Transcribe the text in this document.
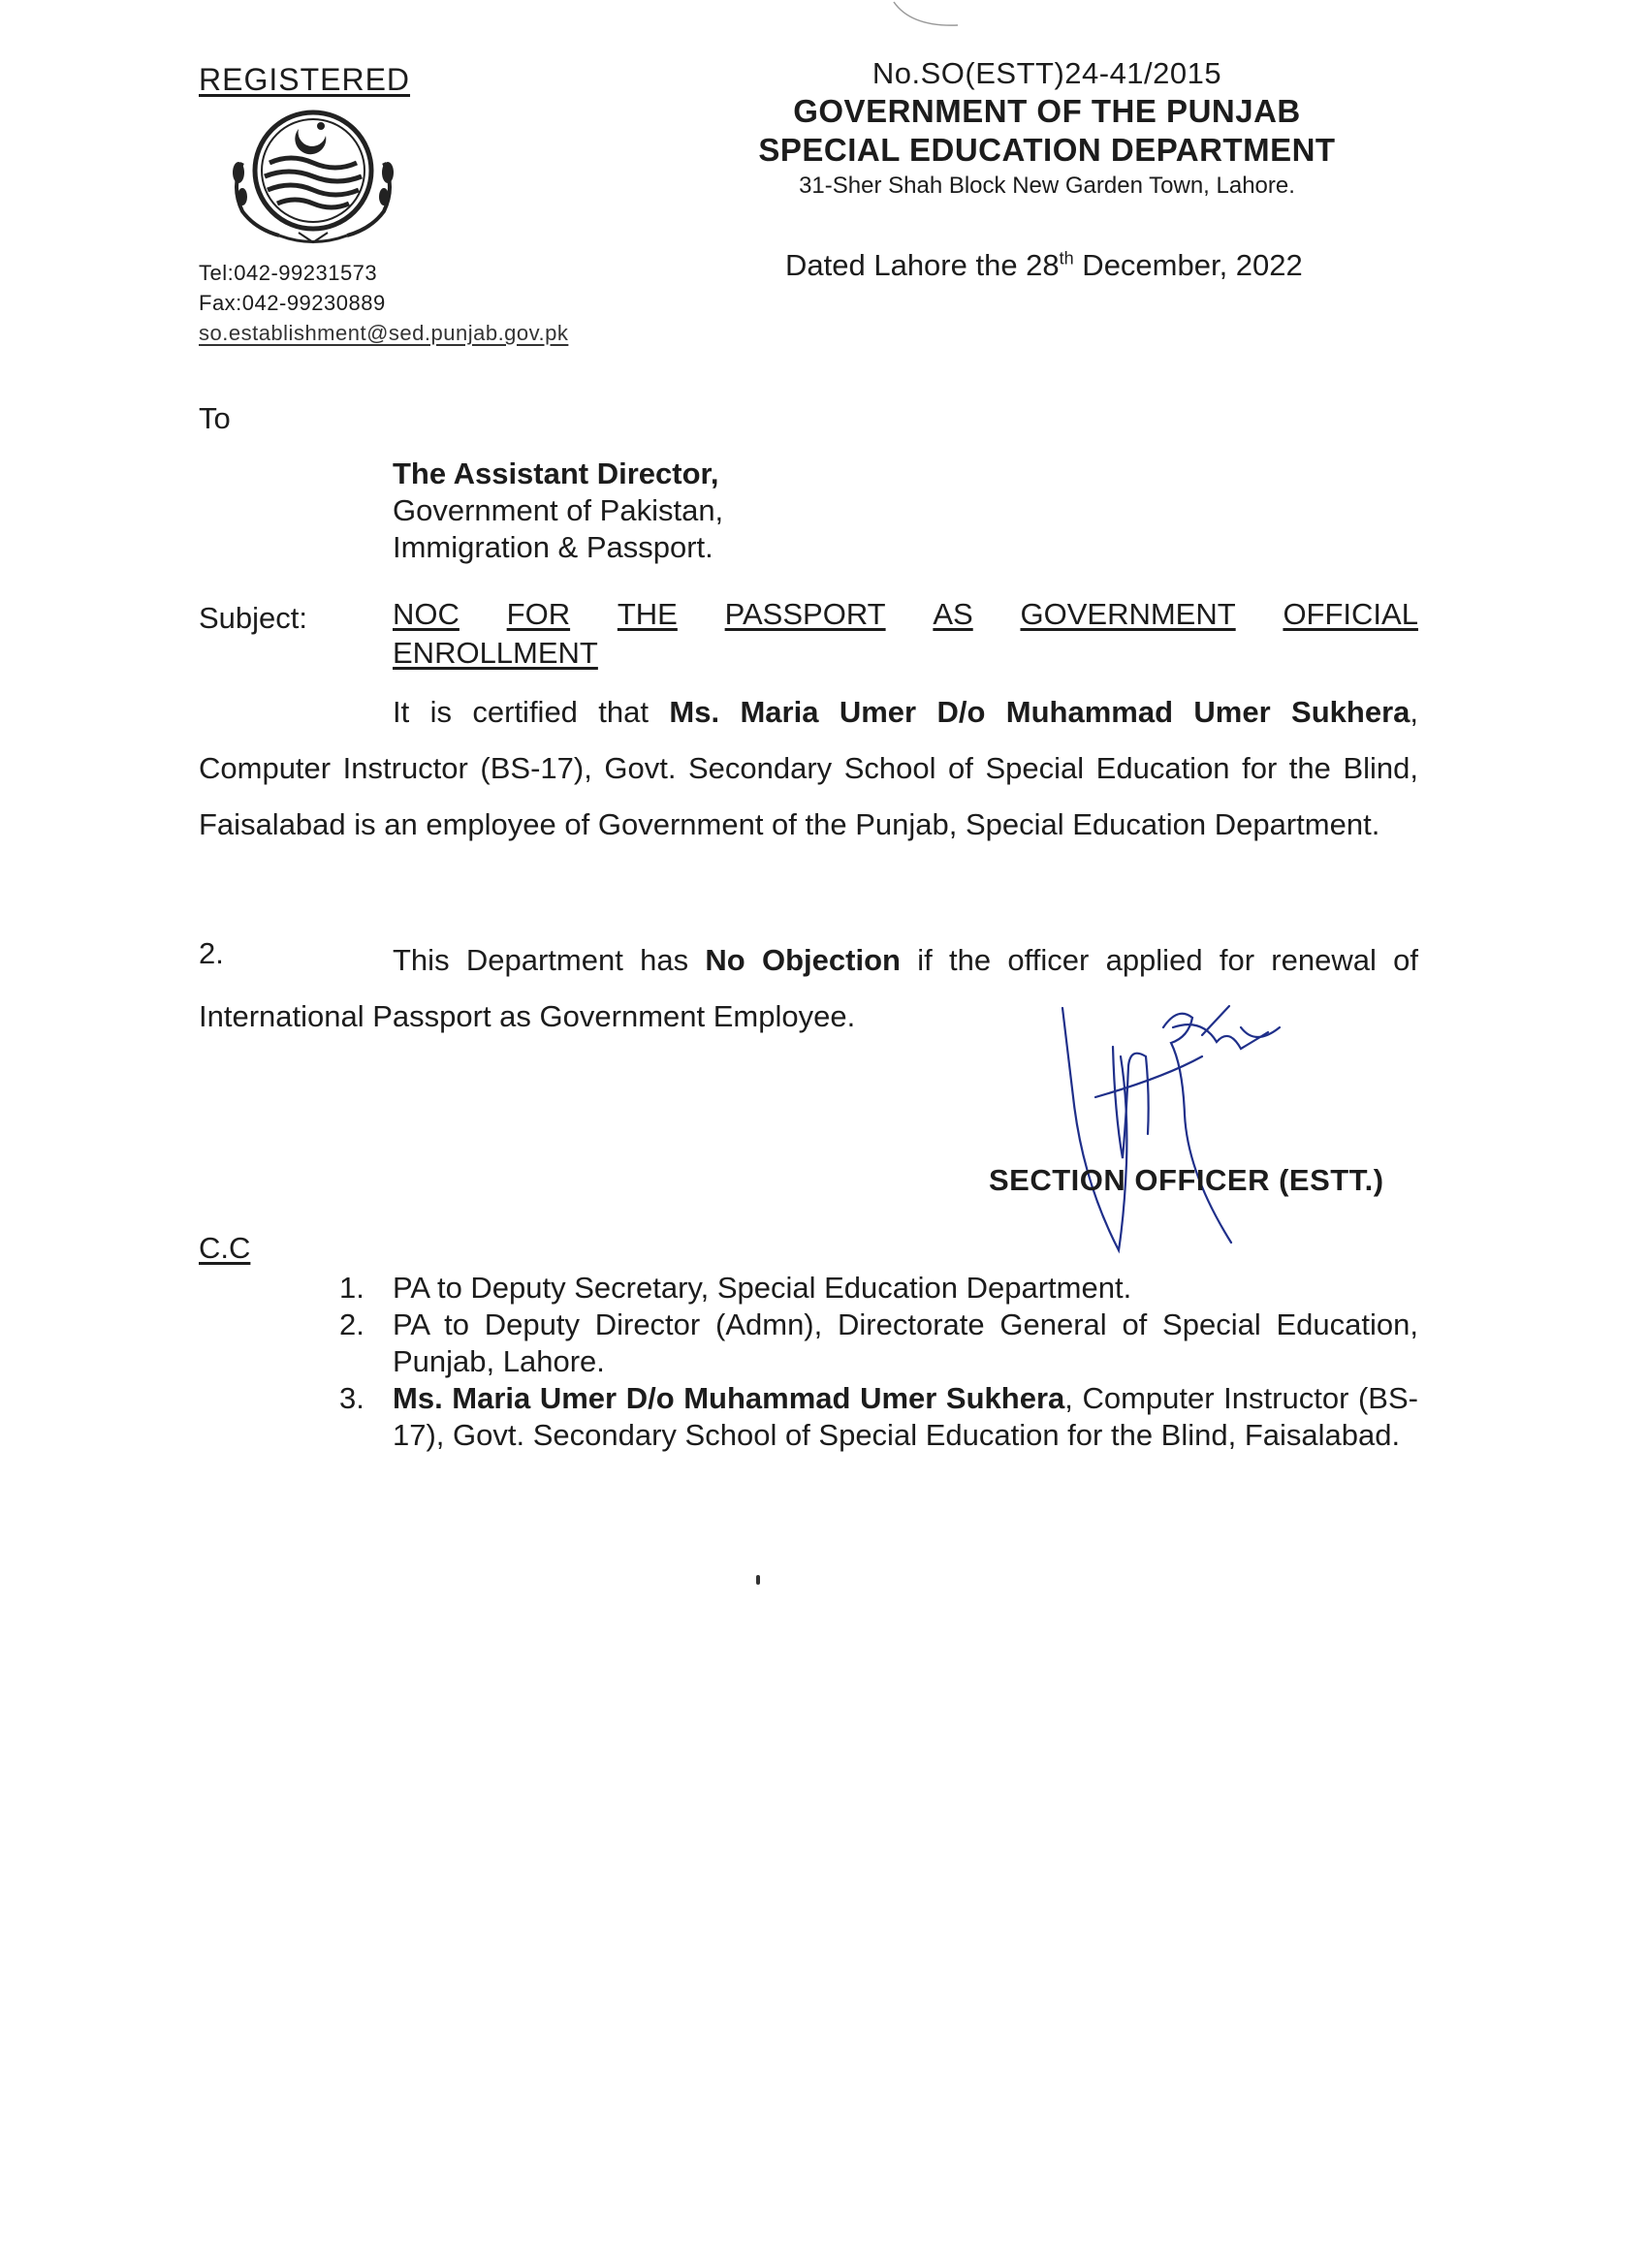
REGISTERED
Tel:042-99231573
Fax:042-99230889
so.establishment@sed.punjab.gov.pk
No.SO(ESTT)24-41/2015
GOVERNMENT OF THE PUNJAB
SPECIAL EDUCATION DEPARTMENT
31-Sher Shah Block New Garden Town, Lahore.
Dated Lahore the 28th December, 2022
To
The Assistant Director,
Government of Pakistan,
Immigration & Passport.
Subject:	NOC FOR THE PASSPORT AS GOVERNMENT OFFICIAL
ENROLLMENT
It is certified that Ms. Maria Umer D/o Muhammad Umer Sukhera, Computer Instructor (BS-17), Govt. Secondary School of Special Education for the Blind, Faisalabad is an employee of Government of the Punjab, Special Education Department.
2.	This Department has No Objection if the officer applied for renewal of International Passport as Government Employee.
SECTION OFFICER (ESTT.)
C.C
1. PA to Deputy Secretary, Special Education Department.
2. PA to Deputy Director (Admn), Directorate General of Special Education, Punjab, Lahore.
3. Ms. Maria Umer D/o Muhammad Umer Sukhera, Computer Instructor (BS-17), Govt. Secondary School of Special Education for the Blind, Faisalabad.
